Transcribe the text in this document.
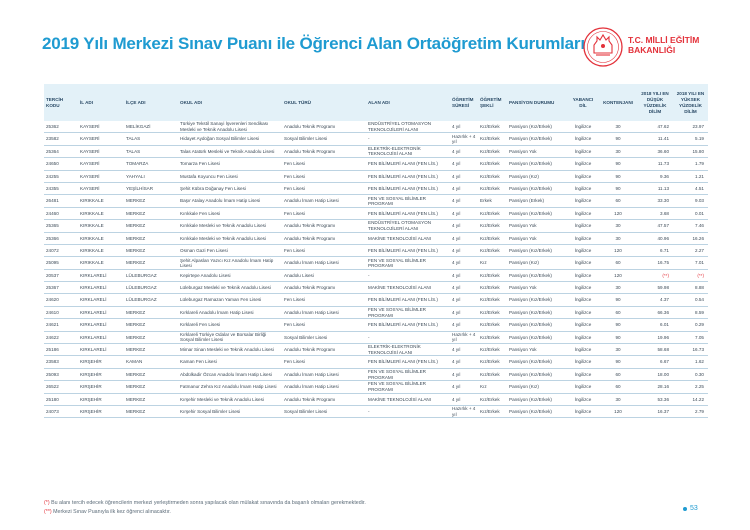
2019 Yılı Merkezi Sınav Puanı ile Öğrenci Alan Ortaöğretim Kurumları	T.C. MİLLİ EĞİTİM
BAKANLIĞI
TERCİH KODU	İL ADI	İLÇE ADI	OKUL ADI	OKUL TÜRÜ	ALAN ADI	ÖĞRETİM SÜRESİ	ÖĞRETİM ŞEKLİ	PANSİYON DURUMU	YABANCI DİL	KONTENJANI	2018 YILI EN DÜŞÜK YÜZDELİK DİLİM	2018 YILI EN YÜKSEK YÜZDELİK DİLİM
25362	KAYSERİ	MELİKGAZİ	Türkiye Tekstil Sanayi İşverenleri Sendikası Mesleki ve Teknik Anadolu Lisesi	Anadolu Teknik Programı	ENDÜSTRİYEL OTOMASYON TEKNOLOJİLERİ ALANI	4 yıl	Kız/Erkek	Pansiyon (Kız/Erkek)	İngilizce	30	47.62	23.97
23582	KAYSERİ	TALAS	Hidayet Aydoğan Sosyal Bilimler Lisesi	Sosyal Bilimler Lisesi	-	Hazırlık + 4 yıl	Kız/Erkek	Pansiyon (Kız/Erkek)	İngilizce	90	11.41	5.19
25364	KAYSERİ	TALAS	Talas Atatürk Mesleki ve Teknik Anadolu Lisesi	Anadolu Teknik Programı	ELEKTRİK-ELEKTRONİK TEKNOLOJİSİ ALANI	4 yıl	Kız/Erkek	Pansiyon Yok	İngilizce	30	36.60	15.80
24650	KAYSERİ	TOMARZA	Tomarza Fen Lisesi	Fen Lisesi	FEN BİLİMLERİ ALANI (FEN LİS.)	4 yıl	Kız/Erkek	Pansiyon (Kız/Erkek)	İngilizce	90	11.73	1.79
24255	KAYSERİ	YAHYALI	Mustafa Koyuncu Fen Lisesi	Fen Lisesi	FEN BİLİMLERİ ALANI (FEN LİS.)	4 yıl	Kız/Erkek	Pansiyon (Kız)	İngilizce	90	9.36	1.21
24355	KAYSERİ	YEŞİLHİSAR	Şehit Kübra Doğanay Fen Lisesi	Fen Lisesi	FEN BİLİMLERİ ALANI (FEN LİS.)	4 yıl	Kız/Erkek	Pansiyon (Kız/Erkek)	İngilizce	90	11.13	4.51
26481	KIRIKKALE	MERKEZ	Başır Atalay Anadolu İmam Hatip Lisesi	Anadolu İmam Hatip Lisesi	FEN VE SOSYAL BİLİMLER PROGRAMI	4 yıl	Erkek	Pansiyon (Erkek)	İngilizce	60	33.30	9.03
24460	KIRIKKALE	MERKEZ	Kırıkkale Fen Lisesi	Fen Lisesi	FEN BİLİMLERİ ALANI (FEN LİS.)	4 yıl	Kız/Erkek	Pansiyon (Kız/Erkek)	İngilizce	120	3.68	0.01
25365	KIRIKKALE	MERKEZ	Kırıkkale Mesleki ve Teknik Anadolu Lisesi	Anadolu Teknik Programı	ENDÜSTRİYEL OTOMASYON TEKNOLOJİLERİ ALANI	4 yıl	Kız/Erkek	Pansiyon Yok	İngilizce	30	47.57	7.46
25366	KIRIKKALE	MERKEZ	Kırıkkale Mesleki ve Teknik Anadolu Lisesi	Anadolu Teknik Programı	MAKİNE TEKNOLOJİSİ ALANI	4 yıl	Kız/Erkek	Pansiyon Yok	İngilizce	30	40.96	16.26
24072	KIRIKKALE	MERKEZ	Osman Gazi Fen Lisesi	Fen Lisesi	FEN BİLİMLERİ ALANI (FEN LİS.)	4 yıl	Kız/Erkek	Pansiyon (Kız/Erkek)	İngilizce	120	6.71	2.27
25095	KIRIKKALE	MERKEZ	Şehit Alpaslan Yazıcı Kız Anadolu İmam Hatip Lisesi	Anadolu İmam Hatip Lisesi	FEN VE SOSYAL BİLİMLER PROGRAMI	4 yıl	Kız	Pansiyon (Kız)	İngilizce	60	16.75	7.01
20537	KIRKLARELİ	LÜLEBURGAZ	Kepirtepe Anadolu Lisesi	Anadolu Lisesi	-	4 yıl	Kız/Erkek	Pansiyon (Kız/Erkek)	İngilizce	120	(**)	(**)
25367	KIRKLARELİ	LÜLEBURGAZ	Lüleburgaz Mesleki ve Teknik Anadolu Lisesi	Anadolu Teknik Programı	MAKİNE TEKNOLOJİSİ ALANI	4 yıl	Kız/Erkek	Pansiyon Yok	İngilizce	30	59.98	8.88
24620	KIRKLARELİ	LÜLEBURGAZ	Lüleburgaz Ramazan Yaman Fen Lisesi	Fen Lisesi	FEN BİLİMLERİ ALANI (FEN LİS.)	4 yıl	Kız/Erkek	Pansiyon (Kız/Erkek)	İngilizce	90	4.37	0.54
24610	KIRKLARELİ	MERKEZ	Kırklareli Anadolu İmam Hatip Lisesi	Anadolu İmam Hatip Lisesi	FEN VE SOSYAL BİLİMLER PROGRAMI	4 yıl	Kız/Erkek	Pansiyon (Kız/Erkek)	İngilizce	60	66.36	8.59
24621	KIRKLARELİ	MERKEZ	Kırklareli Fen Lisesi	Fen Lisesi	FEN BİLİMLERİ ALANI (FEN LİS.)	4 yıl	Kız/Erkek	Pansiyon (Kız/Erkek)	İngilizce	90	6.01	0.29
24622	KIRKLARELİ	MERKEZ	Kırklareli Türkiye Odalar ve Borsalar Birliği Sosyal Bilimler Lisesi	Sosyal Bilimler Lisesi	-	Hazırlık + 4 yıl	Kız/Erkek	Pansiyon (Kız/Erkek)	İngilizce	90	19.96	7.05
25186	KIRKLARELİ	MERKEZ	Mimar Sinan Mesleki ve Teknik Anadolu Lisesi	Anadolu Teknik Programı	ELEKTRİK-ELEKTRONİK TEKNOLOJİSİ ALANI	4 yıl	Kız/Erkek	Pansiyon Yok	İngilizce	30	58.68	16.73
23583	KIRŞEHİR	KAMAN	Kaman Fen Lisesi	Fen Lisesi	FEN BİLİMLERİ ALANI (FEN LİS.)	4 yıl	Kız/Erkek	Pansiyon (Kız/Erkek)	İngilizce	90	6.67	1.62
25093	KIRŞEHİR	MERKEZ	Abdülkadir Özcan Anadolu İmam Hatip Lisesi	Anadolu İmam Hatip Lisesi	FEN VE SOSYAL BİLİMLER PROGRAMI	4 yıl	Kız/Erkek	Pansiyon (Kız/Erkek)	İngilizce	60	18.00	0.30
26522	KIRŞEHİR	MERKEZ	Fatmanur Zehra Kız Anadolu İmam Hatip Lisesi	Anadolu İmam Hatip Lisesi	FEN VE SOSYAL BİLİMLER PROGRAMI	4 yıl	Kız	Pansiyon (Kız)	İngilizce	60	28.16	2.25
25180	KIRŞEHİR	MERKEZ	Kırşehir Mesleki ve Teknik Anadolu Lisesi	Anadolu Teknik Programı	MAKİNE TEKNOLOJİSİ ALANI	4 yıl	Kız/Erkek	Pansiyon (Kız/Erkek)	İngilizce	30	53.36	14.22
24073	KIRŞEHİR	MERKEZ	Kırşehir Sosyal Bilimler Lisesi	Sosyal Bilimler Lisesi	-	Hazırlık + 4 yıl	Kız/Erkek	Pansiyon (Kız/Erkek)	İngilizce	120	16.37	2.79
(*) Bu alanı tercih edecek öğrencilerin merkezi yerleştirmeden sonra yapılacak olan mülakat sınavında da başarılı olmaları gerekmektedir.
(**) Merkezi Sınav Puanıyla ilk kez öğrenci alınacaktır.	53
